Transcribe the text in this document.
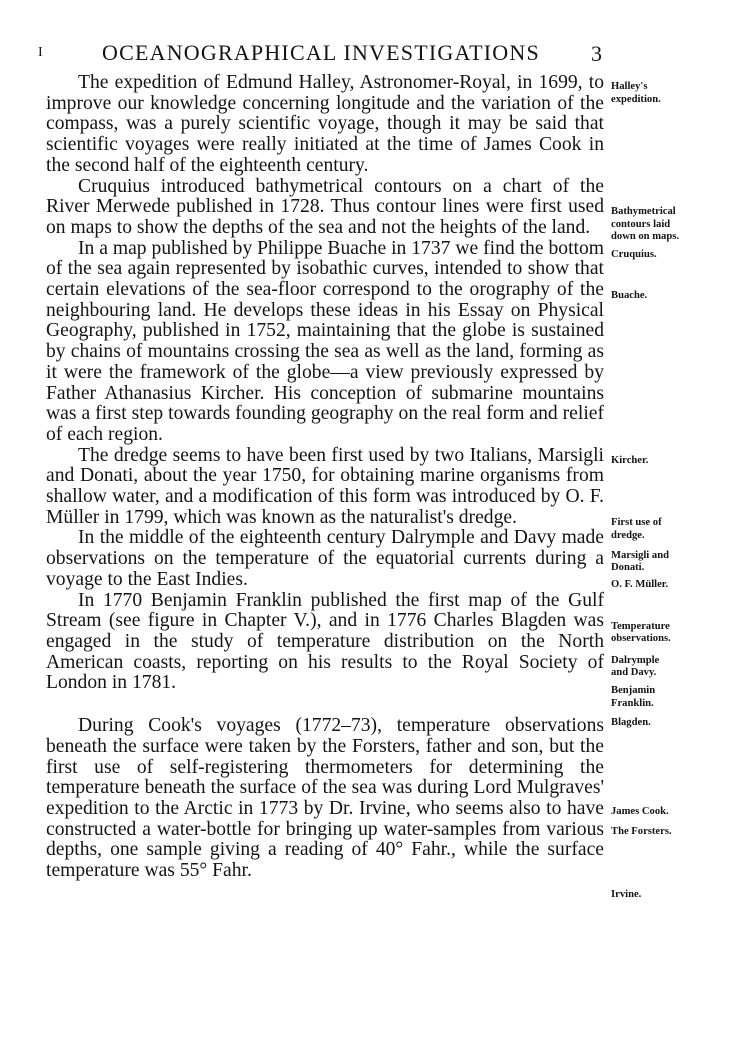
I	OCEANOGRAPHICAL INVESTIGATIONS 3

The expedition of Edmund Halley, Astronomer-Royal, in 1699, to improve our knowledge concerning longitude and the variation of the compass, was a purely scientific voyage, though it may be said that scientific voyages were really initiated at the time of James Cook in the second half of the eighteenth century.

Cruquius introduced bathymetrical contours on a chart of the River Merwede published in 1728. Thus contour lines were first used on maps to show the depths of the sea and not the heights of the land.

In a map published by Philippe Buache in 1737 we find the bottom of the sea again represented by isobathic curves, intended to show that certain elevations of the sea-floor correspond to the orography of the neighbouring land. He develops these ideas in his Essay on Physical Geography, published in 1752, maintaining that the globe is sustained by chains of mountains crossing the sea as well as the land, forming as it were the framework of the globe—a view previously expressed by Father Athanasius Kircher. His conception of submarine mountains was a first step towards founding geography on the real form and relief of each region.

The dredge seems to have been first used by two Italians, Marsigli and Donati, about the year 1750, for obtaining marine organisms from shallow water, and a modification of this form was introduced by O. F. Müller in 1799, which was known as the naturalist's dredge.

In the middle of the eighteenth century Dalrymple and Davy made observations on the temperature of the equatorial currents during a voyage to the East Indies.

In 1770 Benjamin Franklin published the first map of the Gulf Stream (see figure in Chapter V.), and in 1776 Charles Blagden was engaged in the study of temperature distribution on the North American coasts, reporting on his results to the Royal Society of London in 1781.

During Cook's voyages (1772–73), temperature observations beneath the surface were taken by the Forsters, father and son, but the first use of self-registering thermometers for determining the temperature beneath the surface of the sea was during Lord Mulgraves' expedition to the Arctic in 1773 by Dr. Irvine, who seems also to have constructed a water-bottle for bringing up water-samples from various depths, one sample giving a reading of 40° Fahr., while the surface temperature was 55° Fahr.

Halley's
expedition.
Bathymetrical
contours laid
down on maps.
Cruquius.
Buache.
Kircher.
First use of
dredge.
Marsigli and
Donati.
O. F. Müller.
Temperature
observations.
Dalrymple
and Davy.
Benjamin
Franklin.
Blagden.
James Cook.
The Forsters.
Irvine.
